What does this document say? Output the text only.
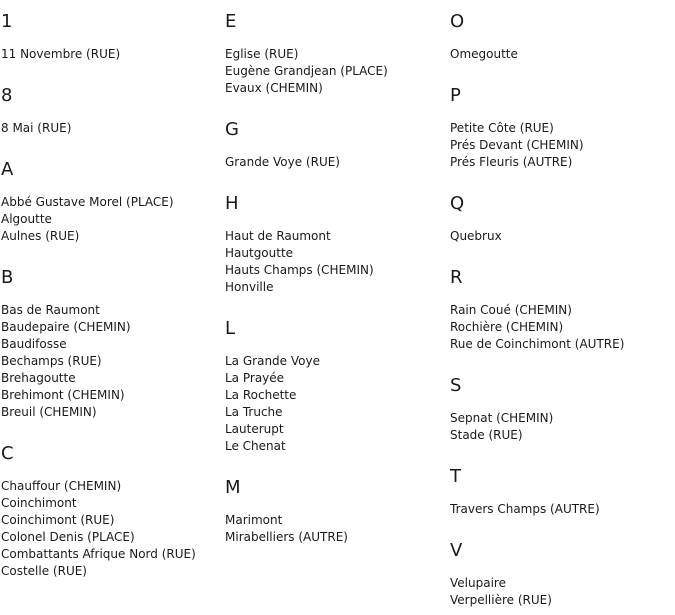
1
11 Novembre (RUE)
8
8 Mai (RUE)
A
Abbé Gustave Morel (PLACE)
Algoutte
Aulnes (RUE)
B
Bas de Raumont
Baudepaire (CHEMIN)
Baudifosse
Bechamps (RUE)
Brehagoutte
Brehimont (CHEMIN)
Breuil (CHEMIN)
C
Chauffour (CHEMIN)
Coinchimont
Coinchimont (RUE)
Colonel Denis (PLACE)
Combattants Afrique Nord (RUE)
Costelle (RUE)
E
Eglise (RUE)
Eugène Grandjean (PLACE)
Evaux (CHEMIN)
G
Grande Voye (RUE)
H
Haut de Raumont
Hautgoutte
Hauts Champs (CHEMIN)
Honville
L
La Grande Voye
La Prayée
La Rochette
La Truche
Lauterupt
Le Chenat
M
Marimont
Mirabelliers (AUTRE)
O
Omegoutte
P
Petite Côte (RUE)
Prés Devant (CHEMIN)
Prés Fleuris (AUTRE)
Q
Quebrux
R
Rain Coué (CHEMIN)
Rochière (CHEMIN)
Rue de Coinchimont (AUTRE)
S
Sepnat (CHEMIN)
Stade (RUE)
T
Travers Champs (AUTRE)
V
Velupaire
Verpellière (RUE)
